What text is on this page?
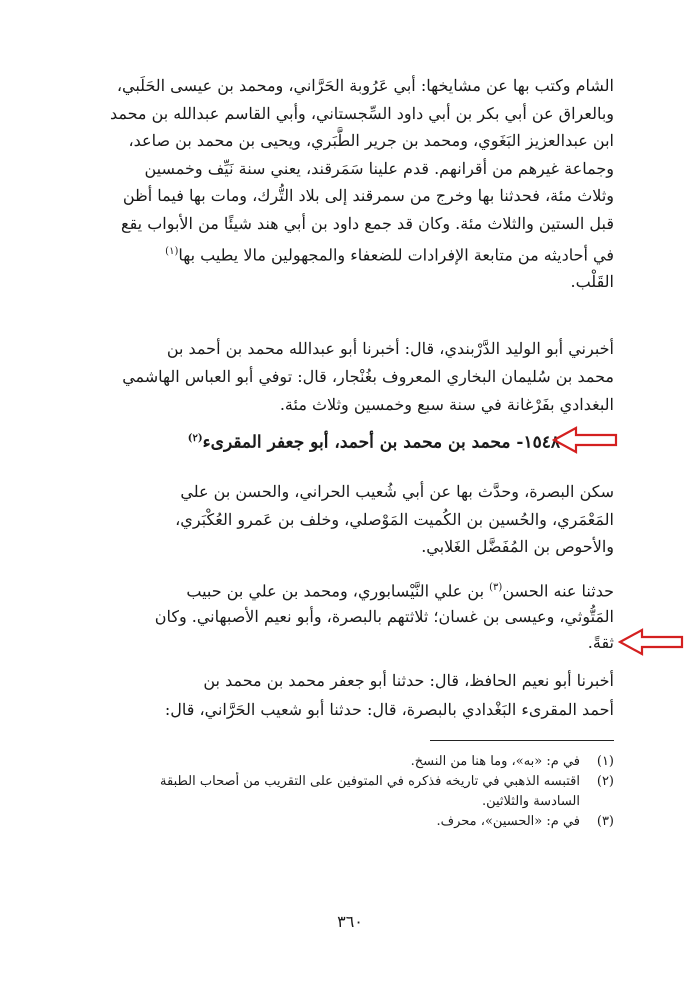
الشام وكتب بها عن مشايخها: أبي عَرُوبة الحَرَّاني، ومحمد بن عيسى الحَلَبي،
وبالعراق عن أبي بكر بن أبي داود السِّجستاني، وأبي القاسم عبدالله بن محمد
ابن عبدالعزيز البَغَوي، ومحمد بن جرير الطَّبَري، ويحيى بن محمد بن صاعد،
وجماعة غيرهم من أقرانهم. قدم علينا سَمَرقند، يعني سنة نَيِّف وخمسين
وثلاث مئة، فحدثنا بها وخرج من سمرقند إلى بلاد التُّرك، ومات بها فيما أظن
قبل الستين والثلاث مئة. وكان قد جمع داود بن أبي هند شيئًا من الأبواب يقع
في أحاديثه من متابعة الإفرادات للضعفاء والمجهولين مالا يطيب بها$^{(١)}$
القَلْب.
أخبرني أبو الوليد الدَّرْبندي، قال: أخبرنا أبو عبدالله محمد بن أحمد بن
محمد بن سُليمان البخاري المعروف بغُنْجار، قال: توفي أبو العباس الهاشمي
البغدادي بفَرْغانة في سنة سبع وخمسين وثلاث مئة.
١٥٤٨- محمد بن محمد بن أحمد، أبو جعفر المقرىء$^{(٢)}$
سكن البصرة، وحدَّث بها عن أبي شُعيب الحراني، والحسن بن علي
المَعْمَري، والحُسين بن الكُميت المَوْصلي، وخلف بن عَمرو العُكْبَري،
والأحوص بن المُفَضَّل الغَلابي.
حدثنا عنه الحسن$^{(٣)}$ بن علي النَّيْسابوري، ومحمد بن علي بن حبيب
المَتُّوثي، وعيسى بن غسان؛ ثلاثتهم بالبصرة، وأبو نعيم الأصبهاني. وكان
ثقةً.
أخبرنا أبو نعيم الحافظ، قال: حدثنا أبو جعفر محمد بن محمد بن
أحمد المقرىء البَغْدادي بالبصرة، قال: حدثنا أبو شعيب الحَرَّاني، قال:
(١)
في م: «به»، وما هنا من النسخ.
(٢)
اقتبسه الذهبي في تاريخه فذكره في المتوفين على التقريب من أصحاب الطبقة
السادسة والثلاثين.
(٣)
في م: «الحسين»، محرف.
٣٦٠
